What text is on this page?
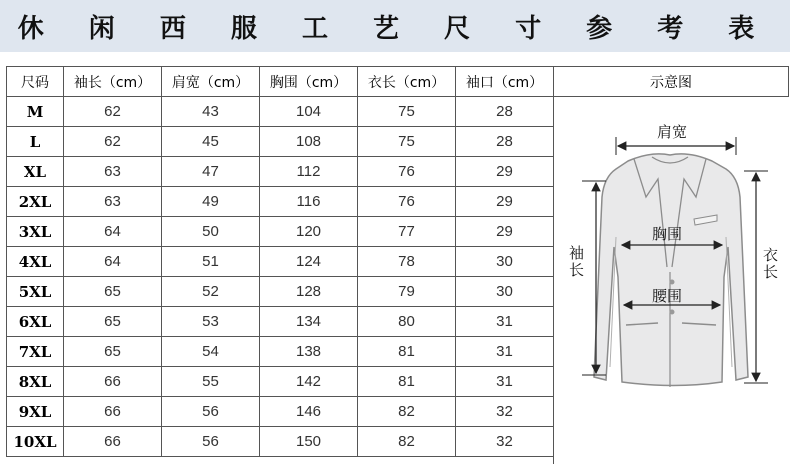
休 闲 西 服 工 艺 尺 寸 参 考 表
尺码	袖长（cm）	肩宽（cm）	胸围（cm）	衣长（cm）	袖口（cm）
M	62	43	104	75	28
L	62	45	108	75	28
XL	63	47	112	76	29
2XL	63	49	116	76	29
3XL	64	50	120	77	29
4XL	64	51	124	78	30
5XL	65	52	128	79	30
6XL	65	53	134	80	31
7XL	65	54	138	81	31
8XL	66	55	142	81	31
9XL	66	56	146	82	32
10XL	66	56	150	82	32
示意图
肩宽
胸围
腰围
袖长	衣长
